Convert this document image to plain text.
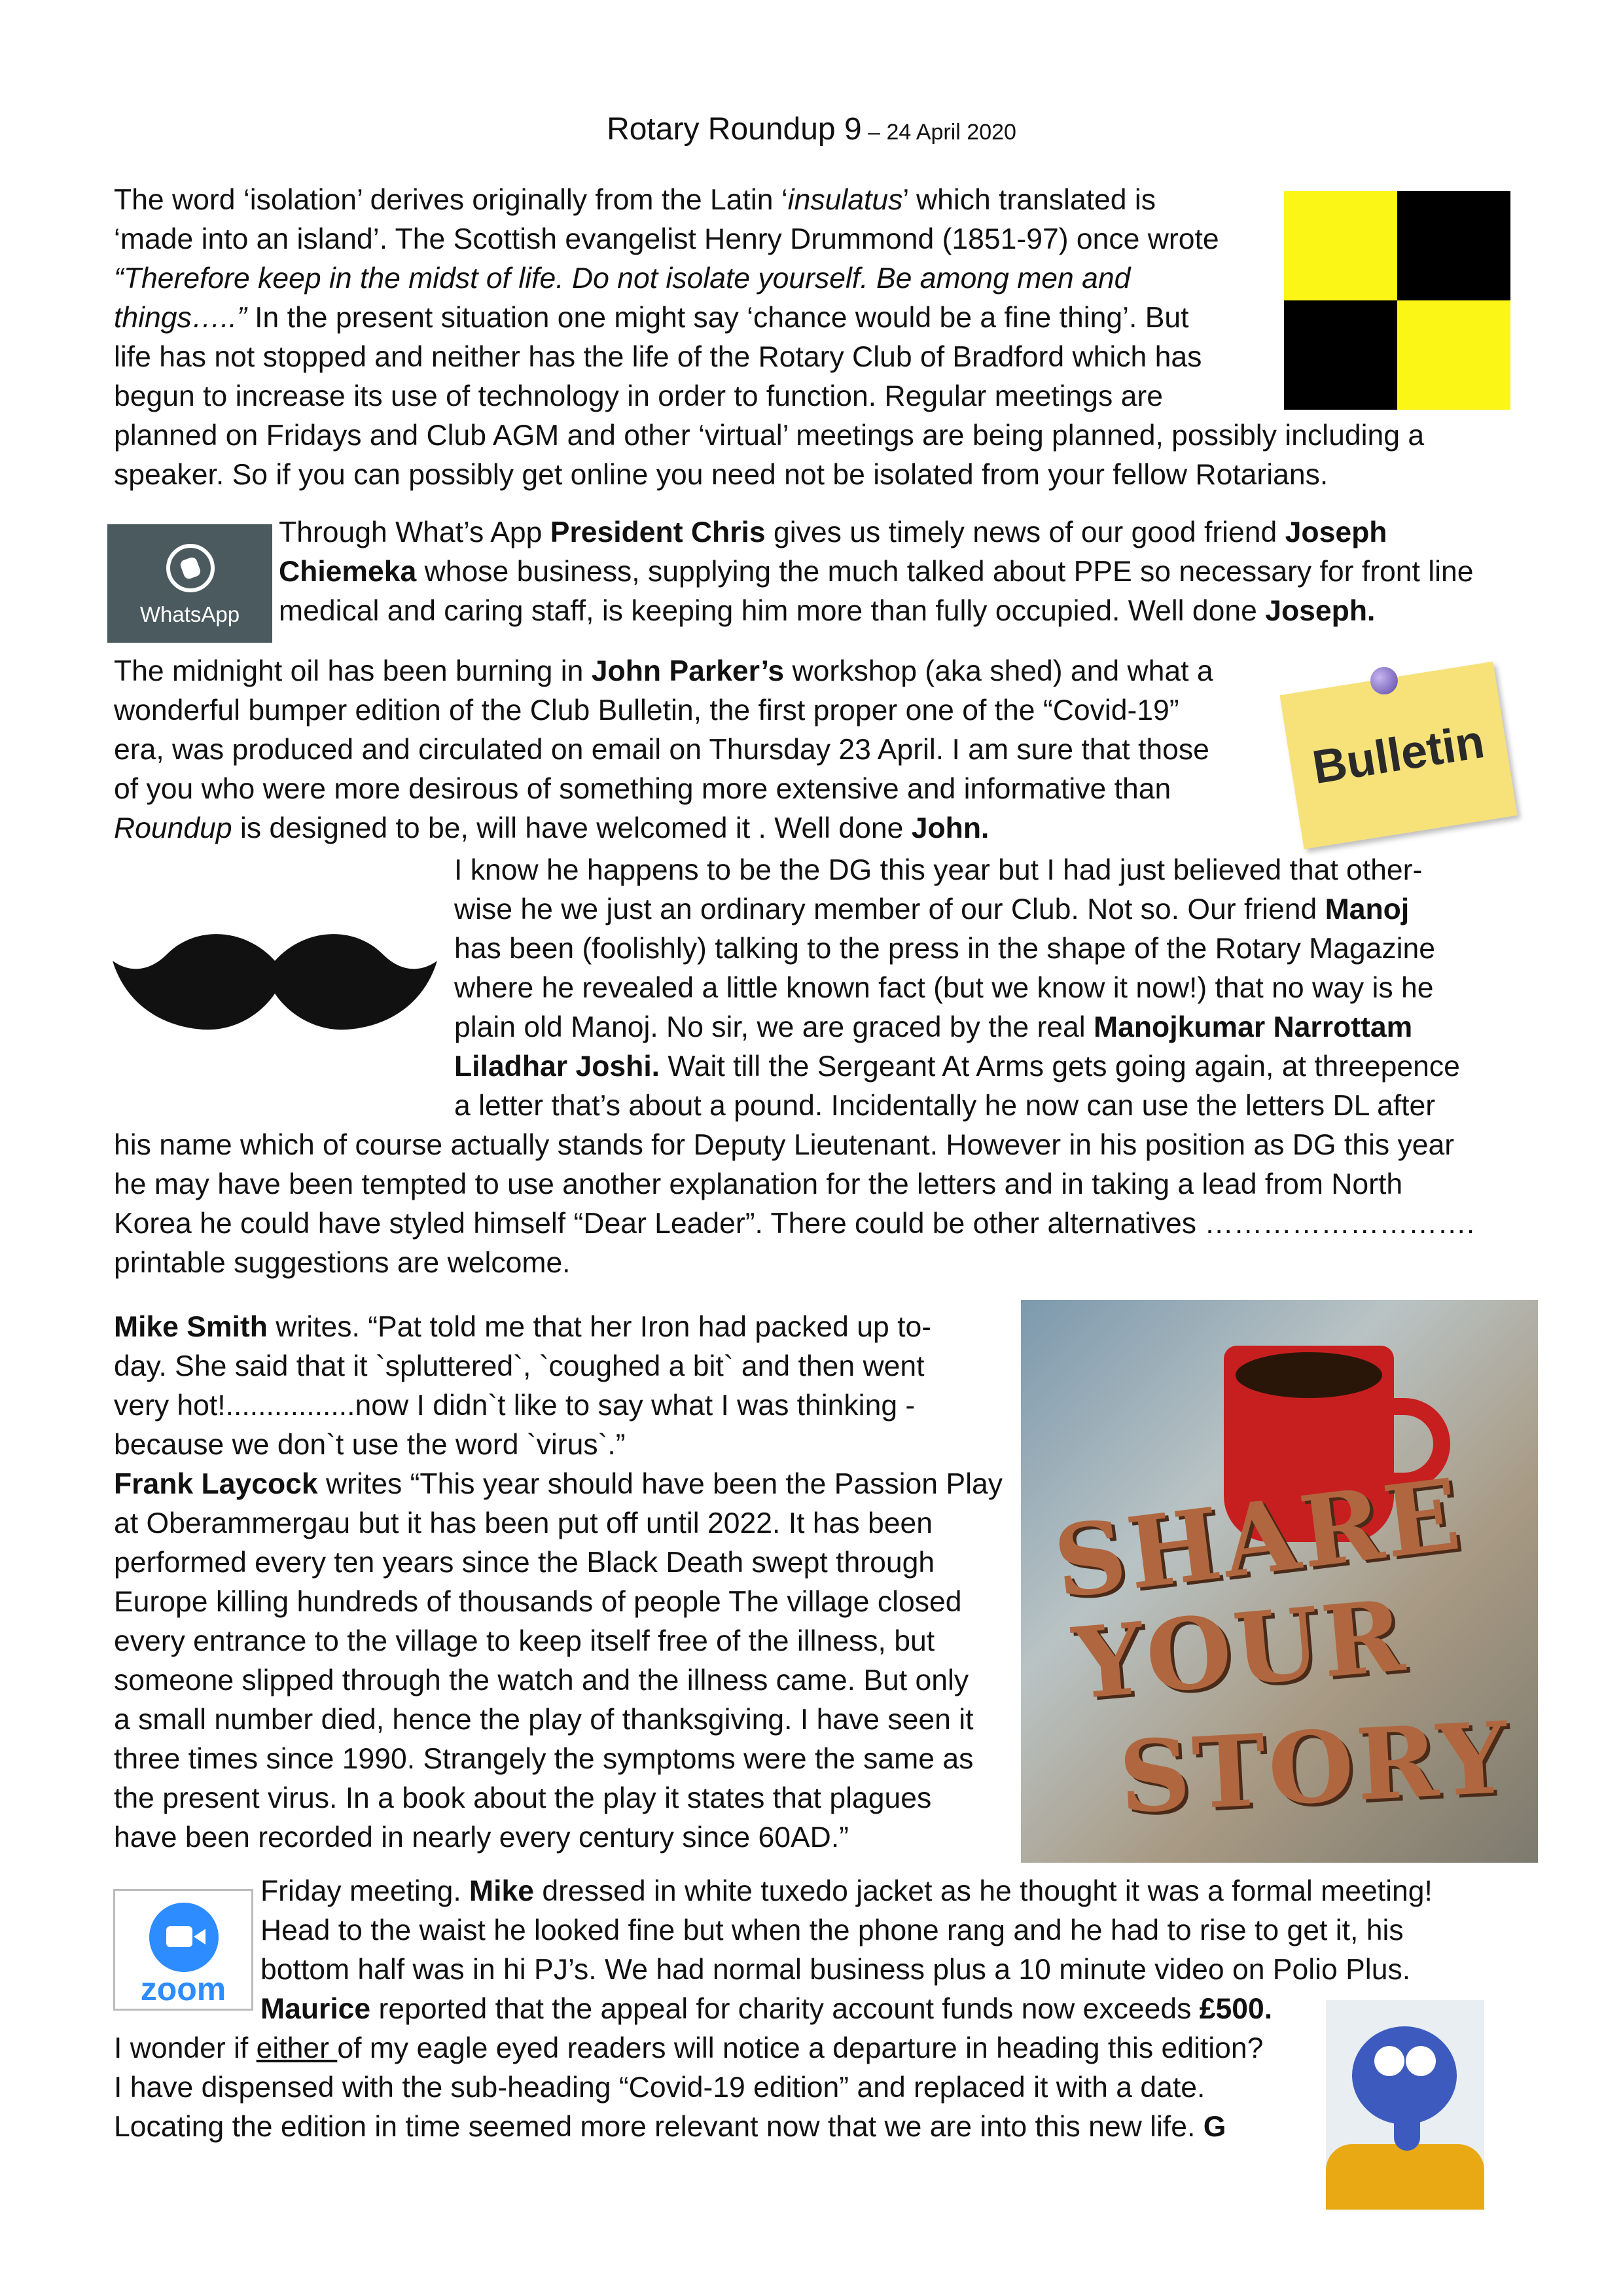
Rotary Roundup 9 – 24 April 2020
The word ‘isolation’ derives originally from the Latin ‘insulatus’ which translated is
‘made into an island’. The Scottish evangelist Henry Drummond (1851-97) once wrote
“Therefore keep in the midst of life. Do not isolate yourself. Be among men and
things…..” In the present situation one might say ‘chance would be a fine thing’. But
life has not stopped and neither has the life of the Rotary Club of Bradford which has
begun to increase its use of technology in order to function. Regular meetings are
planned on Fridays and Club AGM and other ‘virtual’ meetings are being planned, possibly including a
speaker. So if you can possibly get online you need not be isolated from your fellow Rotarians.
WhatsApp
Through What’s App President Chris gives us timely news of our good friend Joseph
Chiemeka whose business, supplying the much talked about PPE so necessary for front line
medical and caring staff, is keeping him more than fully occupied. Well done Joseph.
The midnight oil has been burning in John Parker’s workshop (aka shed) and what a
wonderful bumper edition of the Club Bulletin, the first proper one of the “Covid-19”
era, was produced and circulated on email on Thursday 23 April. I am sure that those
of you who were more desirous of something more extensive and informative than
Roundup is designed to be, will have welcomed it . Well done John.
Bulletin
I know he happens to be the DG this year but I had just believed that other-
wise he we just an ordinary member of our Club. Not so. Our friend Manoj
has been (foolishly) talking to the press in the shape of the Rotary Magazine
where he revealed a little known fact (but we know it now!) that no way is he
plain old Manoj. No sir, we are graced by the real Manojkumar Narrottam
Liladhar Joshi. Wait till the Sergeant At Arms gets going again, at threepence
a letter that’s about a pound. Incidentally he now can use the letters DL after
his name which of course actually stands for Deputy Lieutenant. However in his position as DG this year
he may have been tempted to use another explanation for the letters and in taking a lead from North
Korea he could have styled himself “Dear Leader”. There could be other alternatives ……………………….
printable suggestions are welcome.
Mike Smith writes. “Pat told me that her Iron had packed up to-
day. She said that it `spluttered`, `coughed a bit` and then went
very hot!................now I didn`t like to say what I was thinking -
because we don`t use the word `virus`.”
Frank Laycock writes “This year should have been the Passion Play
at Oberammergau but it has been put off until 2022. It has been
performed every ten years since the Black Death swept through
Europe killing hundreds of thousands of people The village closed
every entrance to the village to keep itself free of the illness, but
someone slipped through the watch and the illness came. But only
a small number died, hence the play of thanksgiving. I have seen it
three times since 1990. Strangely the symptoms were the same as
the present virus. In a book about the play it states that plagues
have been recorded in nearly every century since 60AD.”
SHARE
YOUR
STORY
zoom
Friday meeting. Mike dressed in white tuxedo jacket as he thought it was a formal meeting!
Head to the waist he looked fine but when the phone rang and he had to rise to get it, his
bottom half was in hi PJ’s. We had normal business plus a 10 minute video on Polio Plus.
Maurice reported that the appeal for charity account funds now exceeds £500.
I wonder if either of my eagle eyed readers will notice a departure in heading this edition?
I have dispensed with the sub-heading “Covid-19 edition” and replaced it with a date.
Locating the edition in time seemed more relevant now that we are into this new life. G
